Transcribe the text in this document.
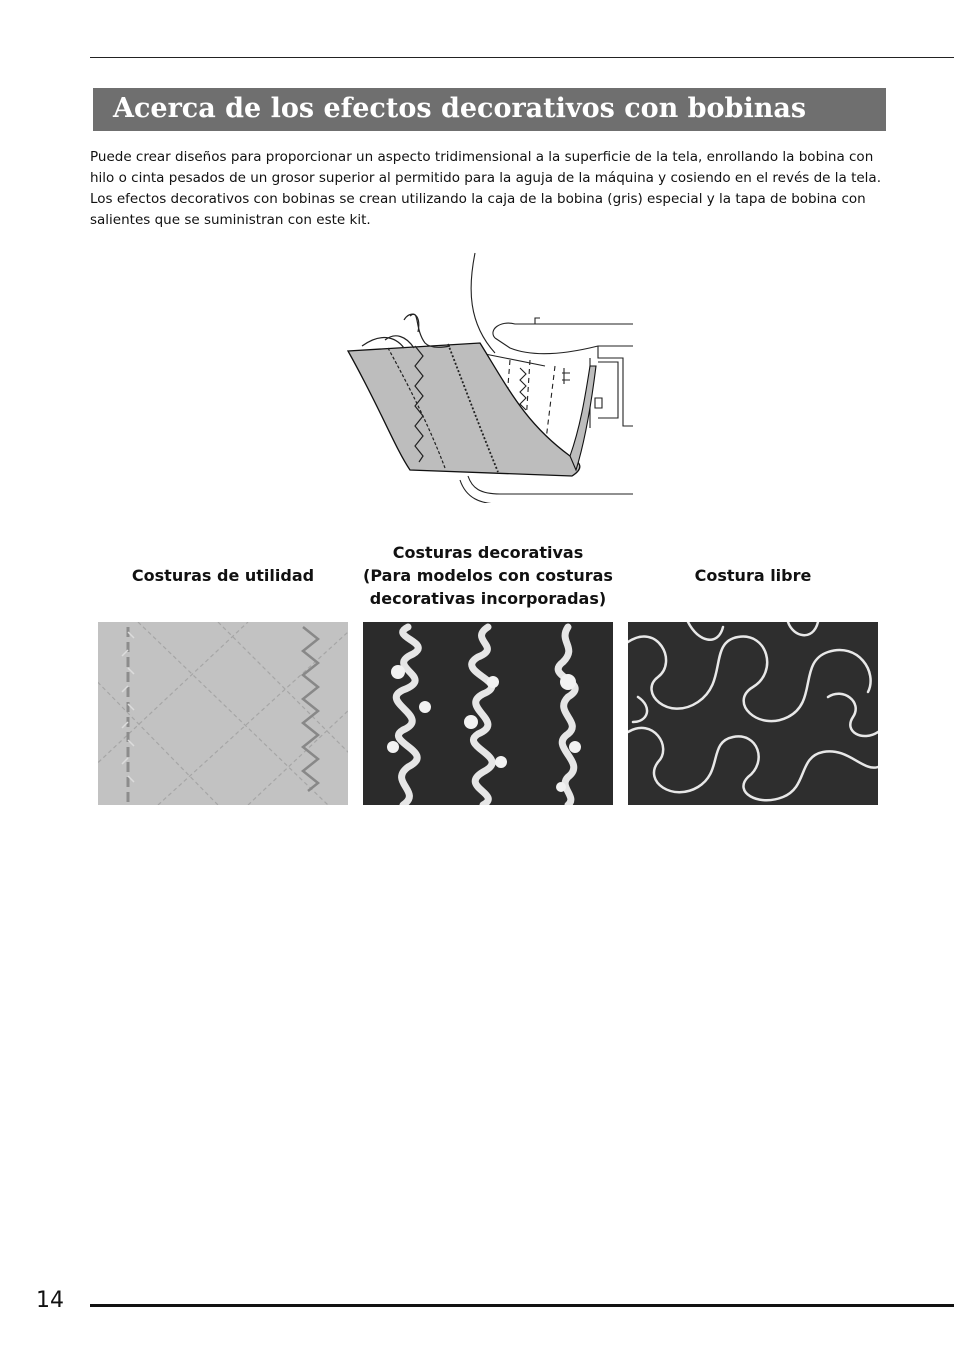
Acerca de los efectos decorativos con bobinas

Puede crear diseños para proporcionar un aspecto tridimensional a la superficie de la tela, enrollando la bobina con

hilo o cinta pesados de un grosor superior al permitido para la aguja de la máquina y cosiendo en el revés de la tela.

Los efectos decorativos con bobinas se crean utilizando la caja de la bobina (gris) especial y la tapa de bobina con

salientes que se suministran con este kit.

Costuras de utilidad
Costuras decorativas
(Para modelos con costuras
decorativas incorporadas)
Costura libre
14
